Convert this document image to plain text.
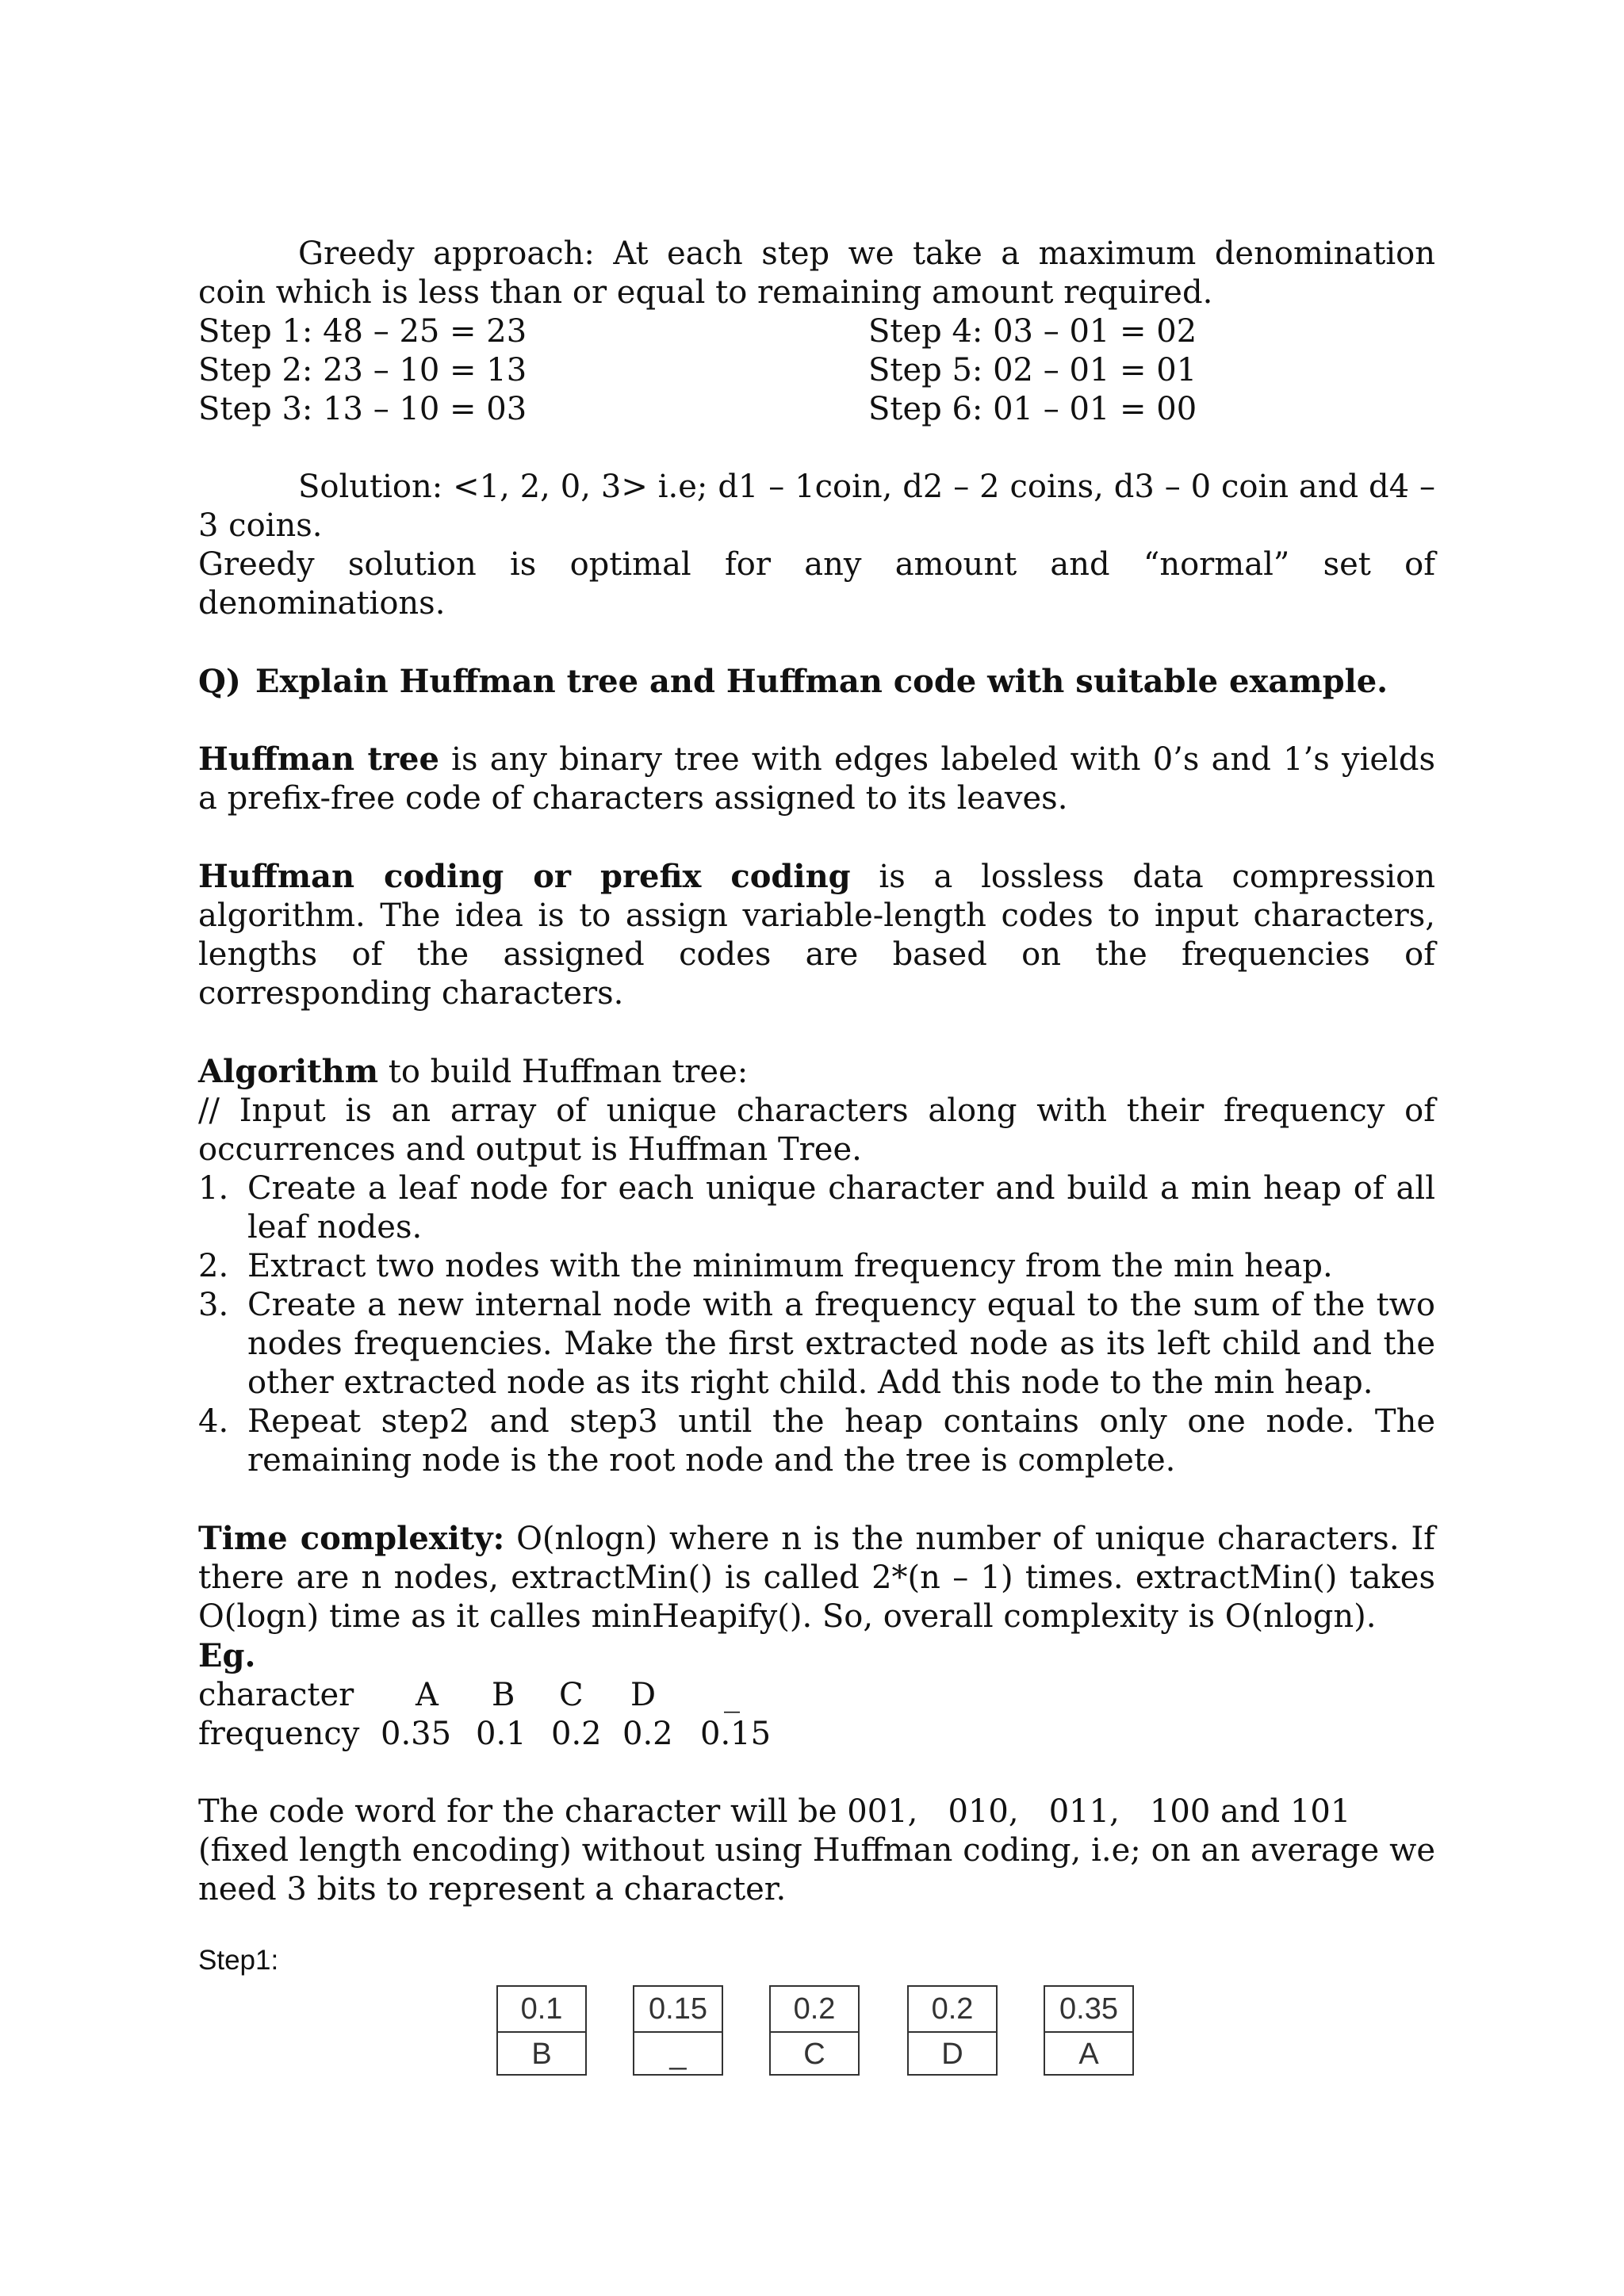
Greedy approach: At each step we take a maximum denomination

coin which is less than or equal to remaining amount required.

Step 1: 48 – 25 = 23
Step 2: 23 – 10 = 13
Step 3: 13 – 10 = 03
Step 4: 03 – 01 = 02
Step 5: 02 – 01 = 01
Step 6: 01 – 01 = 00

Solution: <1, 2, 0, 3> i.e; d1 – 1coin, d2 – 2 coins, d3 – 0 coin and d4 –

3 coins.

Greedy solution is optimal for any amount and “normal” set of

denominations.

Q) Explain Huffman tree and Huffman code with suitable example.

Huffman tree is any binary tree with edges labeled with 0’s and 1’s yields a prefix-free code of characters assigned to its leaves.

Huffman coding or prefix coding is a lossless data compression algorithm. The idea is to assign variable-length codes to input characters, lengths of the assigned codes are based on the frequencies of corresponding characters.

Algorithm to build Huffman tree:

// Input is an array of unique characters along with their frequency of occurrences and output is Huffman Tree.

1. Create a leaf node for each unique character and build a min heap of all leaf nodes.
2. Extract two nodes with the minimum frequency from the min heap.
3. Create a new internal node with a frequency equal to the sum of the two nodes frequencies. Make the first extracted node as its left child and the other extracted node as its right child. Add this node to the min heap.
4. Repeat step2 and step3 until the heap contains only one node. The remaining node is the root node and the tree is complete.

Time complexity: O(nlogn) where n is the number of unique characters. If there are n nodes, extractMin() is called 2*(n – 1) times. extractMin() takes O(logn) time as it calles minHeapify(). So, overall complexity is O(nlogn).

Eg.

character	A	B	C	D	_
frequency	0.35	0.1	0.2	0.2	0.15

The code word for the character will be 001,   010,   011,   100 and 101

(fixed length encoding) without using Huffman coding, i.e; on an average we need 3 bits to represent a character.

Step1:
0.1
B
0.15
_
0.2
C
0.2
D
0.35
A
